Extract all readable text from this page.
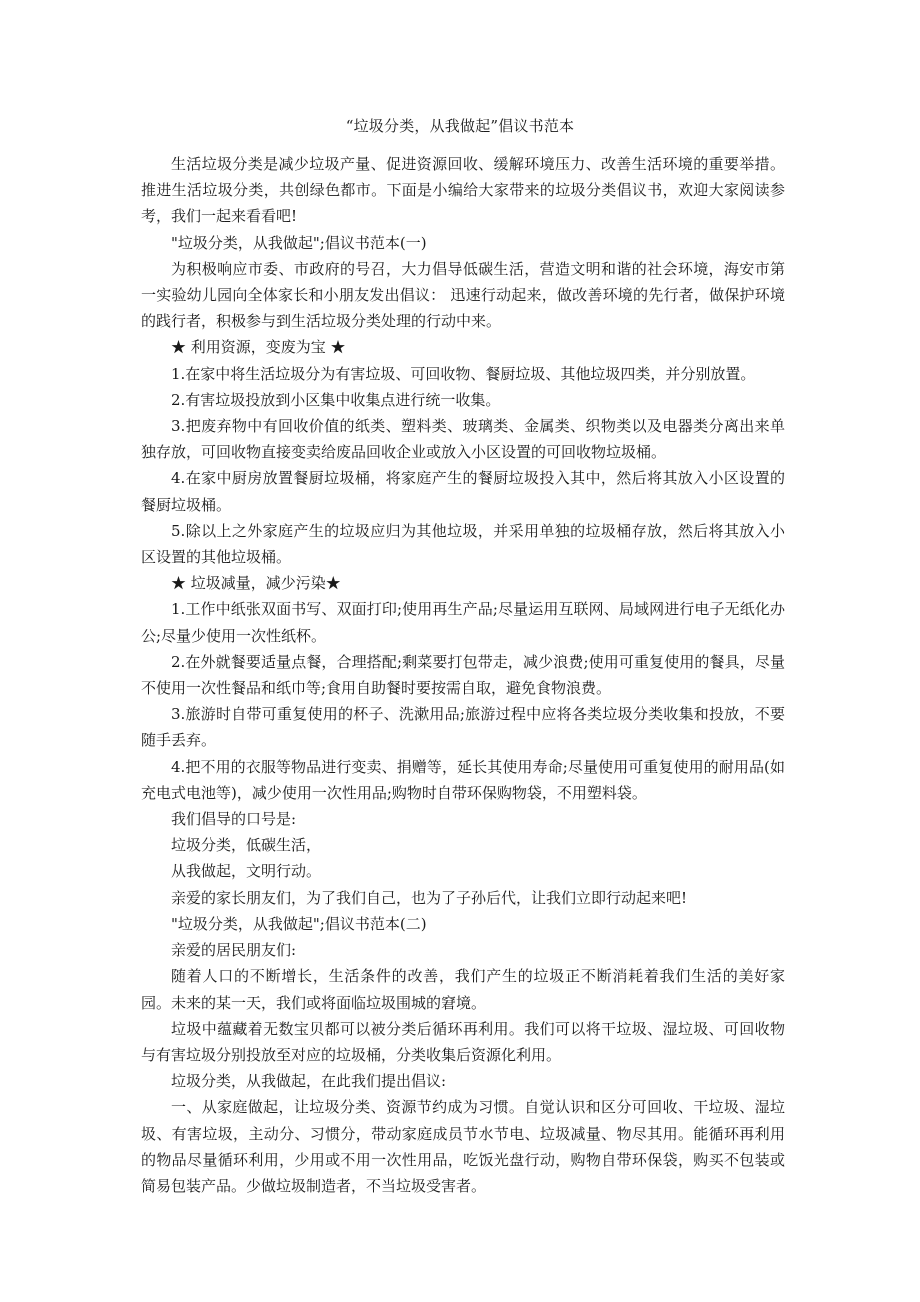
“垃圾分类，从我做起”倡议书范本

生活垃圾分类是减少垃圾产量、促进资源回收、缓解环境压力、改善生活环境的重要举措。推进生活垃圾分类，共创绿色都市。下面是小编给大家带来的垃圾分类倡议书，欢迎大家阅读参考，我们一起来看看吧!

"垃圾分类，从我做起";倡议书范本(一)

为积极响应市委、市政府的号召，大力倡导低碳生活，营造文明和谐的社会环境，海安市第一实验幼儿园向全体家长和小朋友发出倡议： 迅速行动起来，做改善环境的先行者，做保护环境的践行者，积极参与到生活垃圾分类处理的行动中来。

★ 利用资源，变废为宝 ★

1.在家中将生活垃圾分为有害垃圾、可回收物、餐厨垃圾、其他垃圾四类，并分别放置。

2.有害垃圾投放到小区集中收集点进行统一收集。

3.把废弃物中有回收价值的纸类、塑料类、玻璃类、金属类、织物类以及电器类分离出来单独存放，可回收物直接变卖给废品回收企业或放入小区设置的可回收物垃圾桶。

4.在家中厨房放置餐厨垃圾桶，将家庭产生的餐厨垃圾投入其中，然后将其放入小区设置的餐厨垃圾桶。

5.除以上之外家庭产生的垃圾应归为其他垃圾，并采用单独的垃圾桶存放，然后将其放入小区设置的其他垃圾桶。

★ 垃圾减量，减少污染★

1.工作中纸张双面书写、双面打印;使用再生产品;尽量运用互联网、局域网进行电子无纸化办公;尽量少使用一次性纸杯。

2.在外就餐要适量点餐，合理搭配;剩菜要打包带走，减少浪费;使用可重复使用的餐具，尽量不使用一次性餐品和纸巾等;食用自助餐时要按需自取，避免食物浪费。

3.旅游时自带可重复使用的杯子、洗漱用品;旅游过程中应将各类垃圾分类收集和投放，不要随手丢弃。

4.把不用的衣服等物品进行变卖、捐赠等，延长其使用寿命;尽量使用可重复使用的耐用品(如充电式电池等)，减少使用一次性用品;购物时自带环保购物袋，不用塑料袋。

我们倡导的口号是:

垃圾分类，低碳生活，

从我做起，文明行动。

亲爱的家长朋友们，为了我们自己，也为了子孙后代，让我们立即行动起来吧!

"垃圾分类，从我做起";倡议书范本(二)

亲爱的居民朋友们:

随着人口的不断增长，生活条件的改善，我们产生的垃圾正不断消耗着我们生活的美好家园。未来的某一天，我们或将面临垃圾围城的窘境。

垃圾中蕴藏着无数宝贝都可以被分类后循环再利用。我们可以将干垃圾、湿垃圾、可回收物与有害垃圾分别投放至对应的垃圾桶，分类收集后资源化利用。

垃圾分类，从我做起，在此我们提出倡议:

一、从家庭做起，让垃圾分类、资源节约成为习惯。自觉认识和区分可回收、干垃圾、湿垃圾、有害垃圾，主动分、习惯分，带动家庭成员节水节电、垃圾减量、物尽其用。能循环再利用的物品尽量循环利用，少用或不用一次性用品，吃饭光盘行动，购物自带环保袋，购买不包装或简易包装产品。少做垃圾制造者，不当垃圾受害者。
